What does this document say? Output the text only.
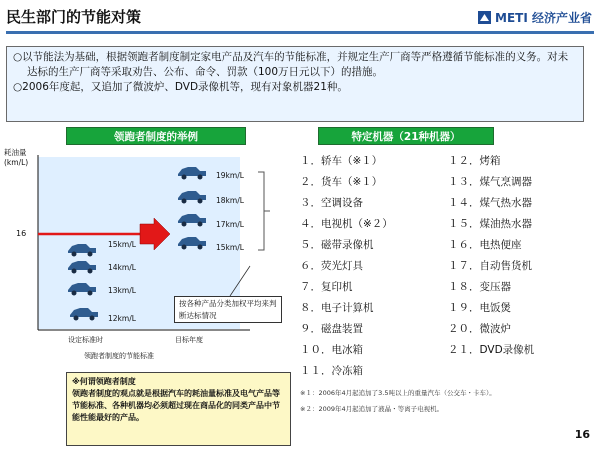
民生部门的节能对策	METI 经济产业省

○以节能法为基础，根据领跑者制度制定家电产品及汽车的节能标准，并规定生产厂商等严格遵循节能标准的义务。对未达标的生产厂商等采取劝告、公布、命令、罚款（100万日元以下）的措施。

○2006年度起，又追加了微波炉、DVD录像机等，现有对象机器21种。

领跑者制度的举例	特定机器（21种机器）
耗油量
(km/L)
16
15km/L
14km/L
13km/L
12km/L
19km/L
18km/L
17km/L
15km/L
按各种产品分类加权平均来判断达标情况
设定标准时	目标年度
领跑者制度的节能标准
※何谓领跑者制度
领跑者制度的观点就是根据汽车的耗油量标准及电气产品等节能标准、各种机器均必须超过现在商品化的同类产品中节能性能最好的产品。
１．轿车（※１）
２．货车（※１）
３．空调设备
４．电视机（※２）
５．磁带录像机
６．荧光灯具
７．复印机
８．电子计算机
９．磁盘装置
１０．电冰箱
１１．冷冻箱
１２．烤箱
１３．煤气烹调器
１４．煤气热水器
１５．煤油热水器
１６．电热便座
１７．自动售货机
１８．变压器
１９．电饭煲
２０．微波炉
２１．DVD录像机
※１：2006年4月起追加了3.5吨以上的重量汽车（公交车・卡车）。
※２：2009年4月起追加了液晶・等离子电视机。
16
